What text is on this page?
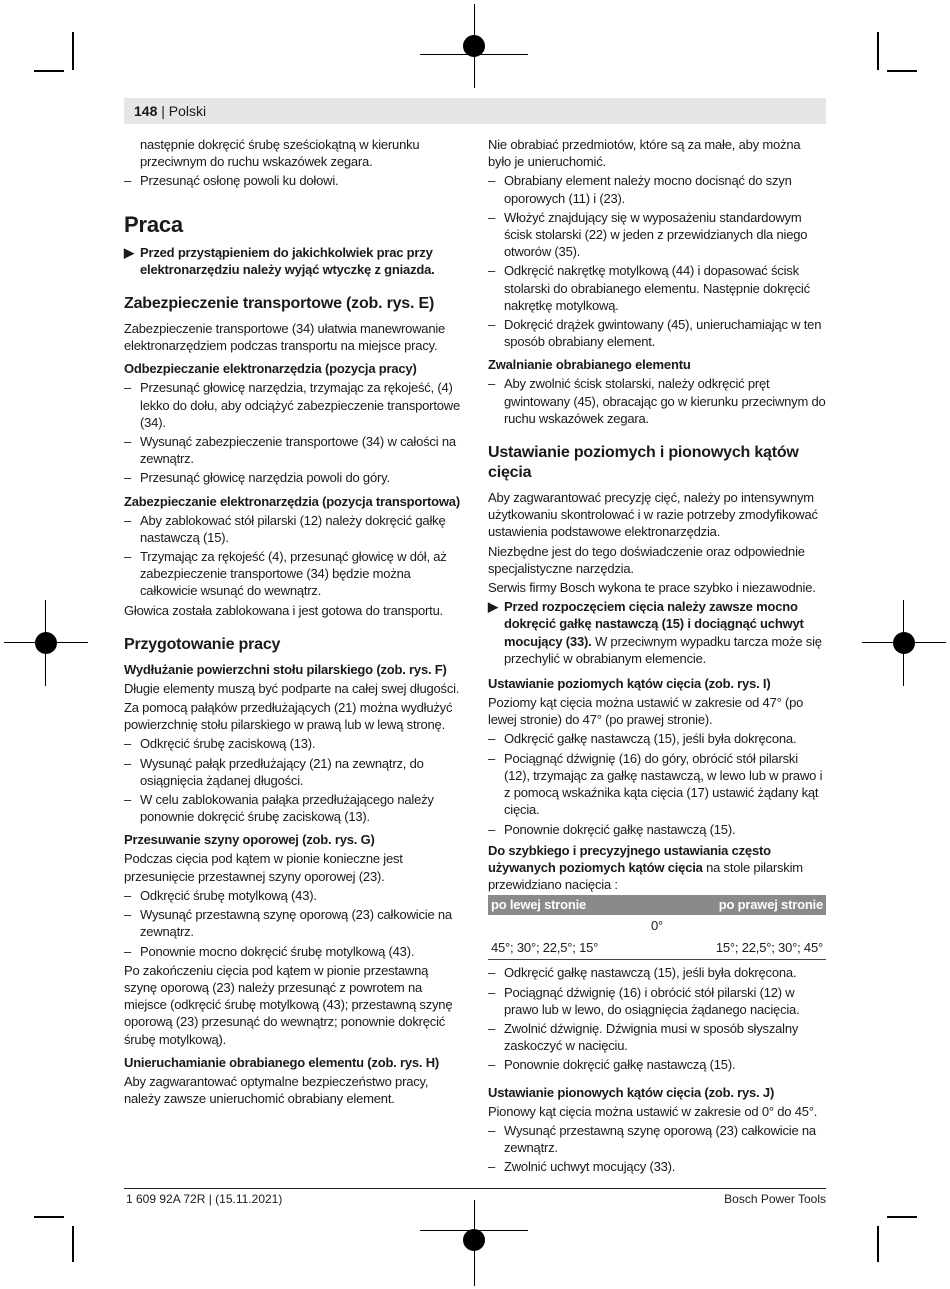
148 | Polski

następnie dokręcić śrubę sześciokątną w kierunku przeciwnym do ruchu wskazówek zegara.

– Przesunąć osłonę powoli ku dołowi.
Praca
▶ Przed przystąpieniem do jakichkolwiek prac przy elektronarzędziu należy wyjąć wtyczkę z gniazda.
Zabezpieczenie transportowe (zob. rys. E)

Zabezpieczenie transportowe (34) ułatwia manewrowanie elektronarzędziem podczas transportu na miejsce pracy.

Odbezpieczanie elektronarzędzia (pozycja pracy)
– Przesunąć głowicę narzędzia, trzymając za rękojeść, (4) lekko do dołu, aby odciążyć zabezpieczenie transportowe (34).
– Wysunąć zabezpieczenie transportowe (34) w całości na zewnątrz.
– Przesunąć głowicę narzędzia powoli do góry.
Zabezpieczanie elektronarzędzia (pozycja transportowa)
– Aby zablokować stół pilarski (12) należy dokręcić gałkę nastawczą (15).
– Trzymając za rękojeść (4), przesunąć głowicę w dół, aż zabezpieczenie transportowe (34) będzie można całkowicie wsunąć do wewnątrz.

Głowica została zablokowana i jest gotowa do transportu.

Przygotowanie pracy
Wydłużanie powierzchni stołu pilarskiego (zob. rys. F)

Długie elementy muszą być podparte na całej swej długości.

Za pomocą pałąków przedłużających (21) można wydłużyć powierzchnię stołu pilarskiego w prawą lub w lewą stronę.

– Odkręcić śrubę zaciskową (13).
– Wysunąć pałąk przedłużający (21) na zewnątrz, do osiągnięcia żądanej długości.
– W celu zablokowania pałąka przedłużającego należy ponownie dokręcić śrubę zaciskową (13).
Przesuwanie szyny oporowej (zob. rys. G)

Podczas cięcia pod kątem w pionie konieczne jest przesunięcie przestawnej szyny oporowej (23).

– Odkręcić śrubę motylkową (43).
– Wysunąć przestawną szynę oporową (23) całkowicie na zewnątrz.
– Ponownie mocno dokręcić śrubę motylkową (43).

Po zakończeniu cięcia pod kątem w pionie przestawną szynę oporową (23) należy przesunąć z powrotem na miejsce (odkręcić śrubę motylkową (43); przestawną szynę oporową (23) przesunąć do wewnątrz; ponownie dokręcić śrubę motylkową).

Unieruchamianie obrabianego elementu (zob. rys. H)

Aby zagwarantować optymalne bezpieczeństwo pracy, należy zawsze unieruchomić obrabiany element.

Nie obrabiać przedmiotów, które są za małe, aby można było je unieruchomić.

– Obrabiany element należy mocno docisnąć do szyn oporowych (11) i (23).
– Włożyć znajdujący się w wyposażeniu standardowym ścisk stolarski (22) w jeden z przewidzianych dla niego otworów (35).
– Odkręcić nakrętkę motylkową (44) i dopasować ścisk stolarski do obrabianego elementu. Następnie dokręcić nakrętkę motylkową.
– Dokręcić drążek gwintowany (45), unieruchamiając w ten sposób obrabiany element.
Zwalnianie obrabianego elementu
– Aby zwolnić ścisk stolarski, należy odkręcić pręt gwintowany (45), obracając go w kierunku przeciwnym do ruchu wskazówek zegara.
Ustawianie poziomych i pionowych kątów cięcia

Aby zagwarantować precyzję cięć, należy po intensywnym użytkowaniu skontrolować i w razie potrzeby zmodyfikować ustawienia podstawowe elektronarzędzia.

Niezbędne jest do tego doświadczenie oraz odpowiednie specjalistyczne narzędzia.

Serwis firmy Bosch wykona te prace szybko i niezawodnie.

▶ Przed rozpoczęciem cięcia należy zawsze mocno dokręcić gałkę nastawczą (15) i dociągnąć uchwyt mocujący (33). W przeciwnym wypadku tarcza może się przechylić w obrabianym elemencie.
Ustawianie poziomych kątów cięcia (zob. rys. I)

Poziomy kąt cięcia można ustawić w zakresie od 47° (po lewej stronie) do 47° (po prawej stronie).

– Odkręcić gałkę nastawczą (15), jeśli była dokręcona.
– Pociągnąć dźwignię (16) do góry, obrócić stół pilarski (12), trzymając za gałkę nastawczą, w lewo lub w prawo i z pomocą wskaźnika kąta cięcia (17) ustawić żądany kąt cięcia.
– Ponownie dokręcić gałkę nastawczą (15).

Do szybkiego i precyzyjnego ustawiania często używanych poziomych kątów cięcia na stole pilarskim przewidziano nacięcia :

po lewej stronie	po prawej stronie
0°	
45°; 30°; 22,5°; 15°	15°; 22,5°; 30°; 45°
– Odkręcić gałkę nastawczą (15), jeśli była dokręcona.
– Pociągnąć dźwignię (16) i obrócić stół pilarski (12) w prawo lub w lewo, do osiągnięcia żądanego nacięcia.
– Zwolnić dźwignię. Dźwignia musi w sposób słyszalny zaskoczyć w nacięciu.
– Ponownie dokręcić gałkę nastawczą (15).
Ustawianie pionowych kątów cięcia (zob. rys. J)

Pionowy kąt cięcia można ustawić w zakresie od 0° do 45°.

– Wysunąć przestawną szynę oporową (23) całkowicie na zewnątrz.
– Zwolnić uchwyt mocujący (33).
1 609 92A 72R | (15.11.2021)	Bosch Power Tools
